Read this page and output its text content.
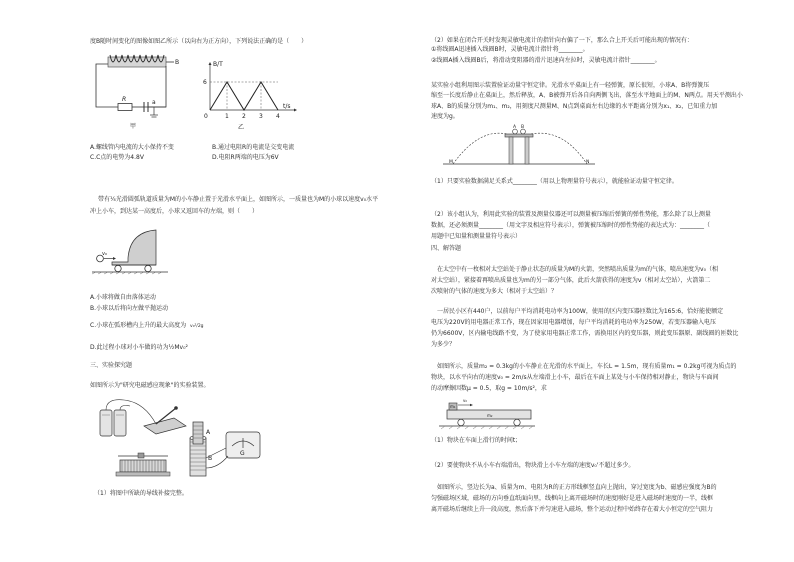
度B随时间变化的图像如图乙所示（以向右为正方向），下列说法正确的是（　　）
B
R	a
甲
B/T
6
0	1 2 3 4
t/s
乙
A.螺线管内电流的大小保持不变	B.通过电阻R的电流是交变电流
C.C点的电势为4.8V	D.电阻R两端的电压为6V
带有¼光滑圆弧轨道质量为M的小车静止置于光滑水平面上，如图所示，一质量也为M的小球以速度v₀水平
冲上小车，到达某一高度后，小球又返回车的左端，则（　　）
v₀
A.小球将做自由落体运动
B.小球以后将向左做平抛运动
C.小球在弧形槽内上升的最大高度为 v₀²/2g
D.此过程小球对小车做的功为½Mv₀²
三、实验探究题
如图所示为"研究电磁感应现象"的实验装置。
A
B
G
（1）将图中所缺的导线补接完整。
（2）如果在闭合开关时发现灵敏电流计的指针向右偏了一下，那么合上开关后可能出现的情况有：
①将线圈A迅速插入线圈B时，灵敏电流计指针将________。
②线圈A插入线圈B后，将滑动变阻器的滑片迅速向左拉时，灵敏电流计指针________。
某实验小组利用图示装置验证动量守恒定律。光滑水平桌面上有一轻弹簧，原长很短，小球A、B将弹簧压
缩至一长度后静止在桌面上，然后释放，A、B被弹开后各自向两侧飞出，落至水平地面上的M、N两点。用天平测出小
球A、B的质量分别为m₁、m₂，用刻度尺测量M、N点到桌面左右边缘的水平距离分别为x₁、x₂，已知重力加
速度为g。
A B
M	N
（1）只要实验数据满足关系式________（用以上物理量符号表示），就能验证动量守恒定律。
（2）该小组认为，利用此实验的装置及测量仪器还可以测量被压缩后弹簧的弹性势能，那么除了以上测量
数据，还必须测量________（用文字及相应符号表示），弹簧被压缩时的弹性势能的表达式为：________（
用题中已知量和测量量符号表示）
四、解答题
在太空中有一枚相对太空站处于静止状态的质量为M的火箭，突然喷出质量为m的气体，喷出速度为v₀（相
对太空站），紧接着再喷出质量也为m的另一部分气体，此后火箭获得的速度为v（相对太空站），火箭第二
次喷射的气体的速度为多大（相对于太空站）？
一居民小区有440户，以前每户平均消耗电功率为100W，使用的区内变压器匝数比为165:6，恰好能使额定
电压为220V的用电器正常工作，现在因家用电器增加，每户平均消耗的电功率为250W，若变压器输入电压
仍为6600V，区内输电线路不变，为了使家用电器正常工作，需换用区内的变压器，则此变压器原、副线圈的匝数比
为多少？
如图所示，质量m₂ = 0.3kg的小车静止在光滑的水平面上，车长L = 1.5m，现有质量m₁ = 0.2kg可视为质点的
物块，以水平向右的速度v₀ = 2m/s从左端滑上小车，最后在车面上某处与小车保持相对静止，物块与车面间
的动摩擦因数μ = 0.5，取g = 10m/s²，求
m₁
v₀
m₂
（1）物块在车面上滑行的时间t；
（2）要使物块不从小车右端滑出，物块滑上小车左端的速度v₀'不超过多少。
如图所示，竖边长为a、质量为m、电阻为R的正方形线框竖直向上抛出，穿过宽度为b、磁感应强度为B的
匀强磁场区域，磁场的方向垂直纸面向里，线框向上离开磁场时的速度刚好是进入磁场时速度的一半，线框
离开磁场后继续上升一段高度，然后落下并匀速进入磁场，整个运动过程中始终存在着大小恒定的空气阻力
